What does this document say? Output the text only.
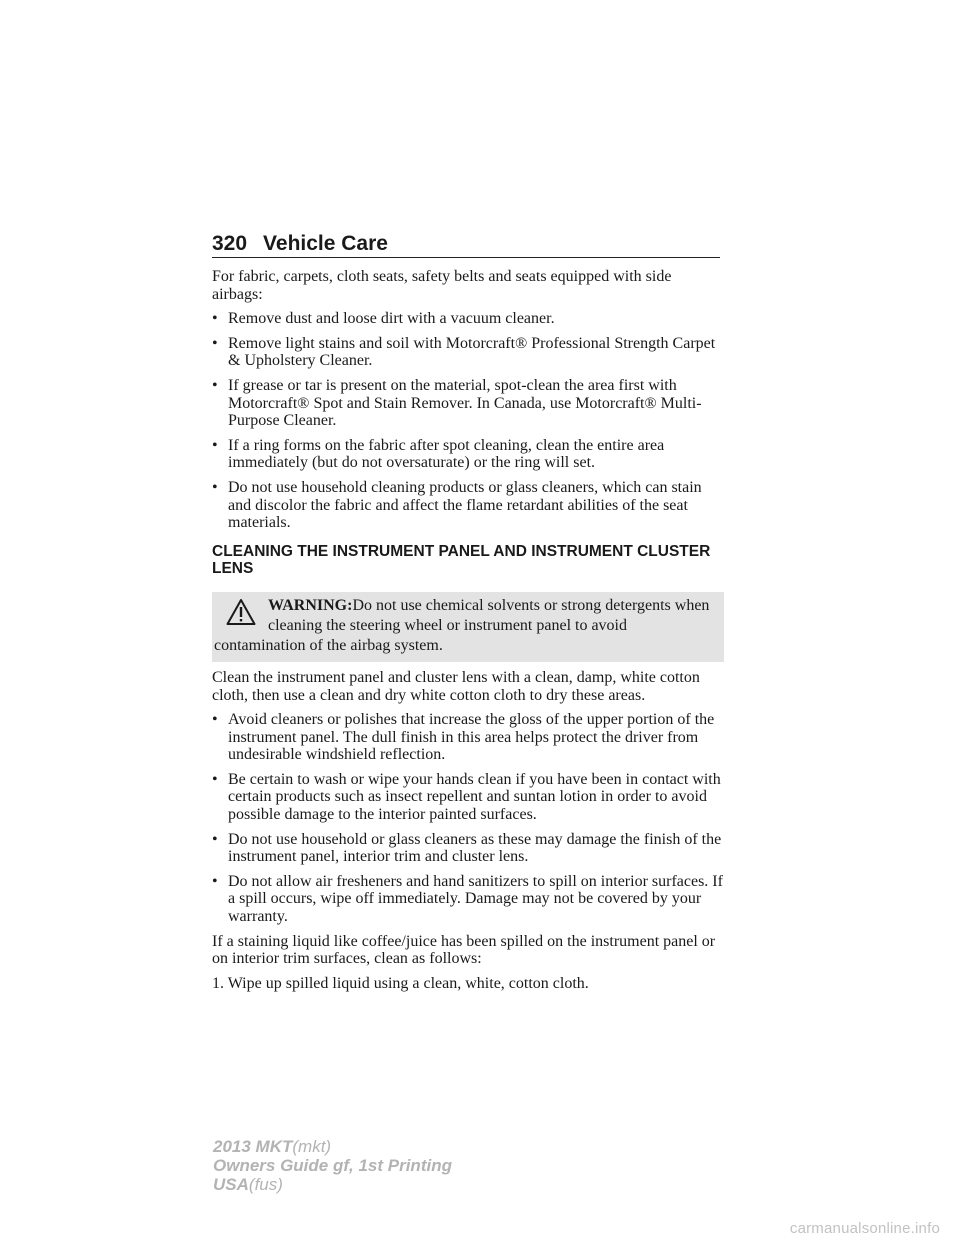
320 Vehicle Care

For fabric, carpets, cloth seats, safety belts and seats equipped with side airbags:

• Remove dust and loose dirt with a vacuum cleaner.
• Remove light stains and soil with Motorcraft® Professional Strength Carpet & Upholstery Cleaner.
• If grease or tar is present on the material, spot-clean the area first with Motorcraft® Spot and Stain Remover. In Canada, use Motorcraft® Multi-Purpose Cleaner.
• If a ring forms on the fabric after spot cleaning, clean the entire area immediately (but do not oversaturate) or the ring will set.
• Do not use household cleaning products or glass cleaners, which can stain and discolor the fabric and affect the flame retardant abilities of the seat materials.
CLEANING THE INSTRUMENT PANEL AND INSTRUMENT CLUSTER LENS
WARNING:Do not use chemical solvents or strong detergents when cleaning the steering wheel or instrument panel to avoid contamination of the airbag system.

Clean the instrument panel and cluster lens with a clean, damp, white cotton cloth, then use a clean and dry white cotton cloth to dry these areas.

• Avoid cleaners or polishes that increase the gloss of the upper portion of the instrument panel. The dull finish in this area helps protect the driver from undesirable windshield reflection.
• Be certain to wash or wipe your hands clean if you have been in contact with certain products such as insect repellent and suntan lotion in order to avoid possible damage to the interior painted surfaces.
• Do not use household or glass cleaners as these may damage the finish of the instrument panel, interior trim and cluster lens.
• Do not allow air fresheners and hand sanitizers to spill on interior surfaces. If a spill occurs, wipe off immediately. Damage may not be covered by your warranty.

If a staining liquid like coffee/juice has been spilled on the instrument panel or on interior trim surfaces, clean as follows:

1. Wipe up spilled liquid using a clean, white, cotton cloth.

2013 MKT(mkt)
Owners Guide gf, 1st Printing
USA(fus)
carmanualsonline.info
